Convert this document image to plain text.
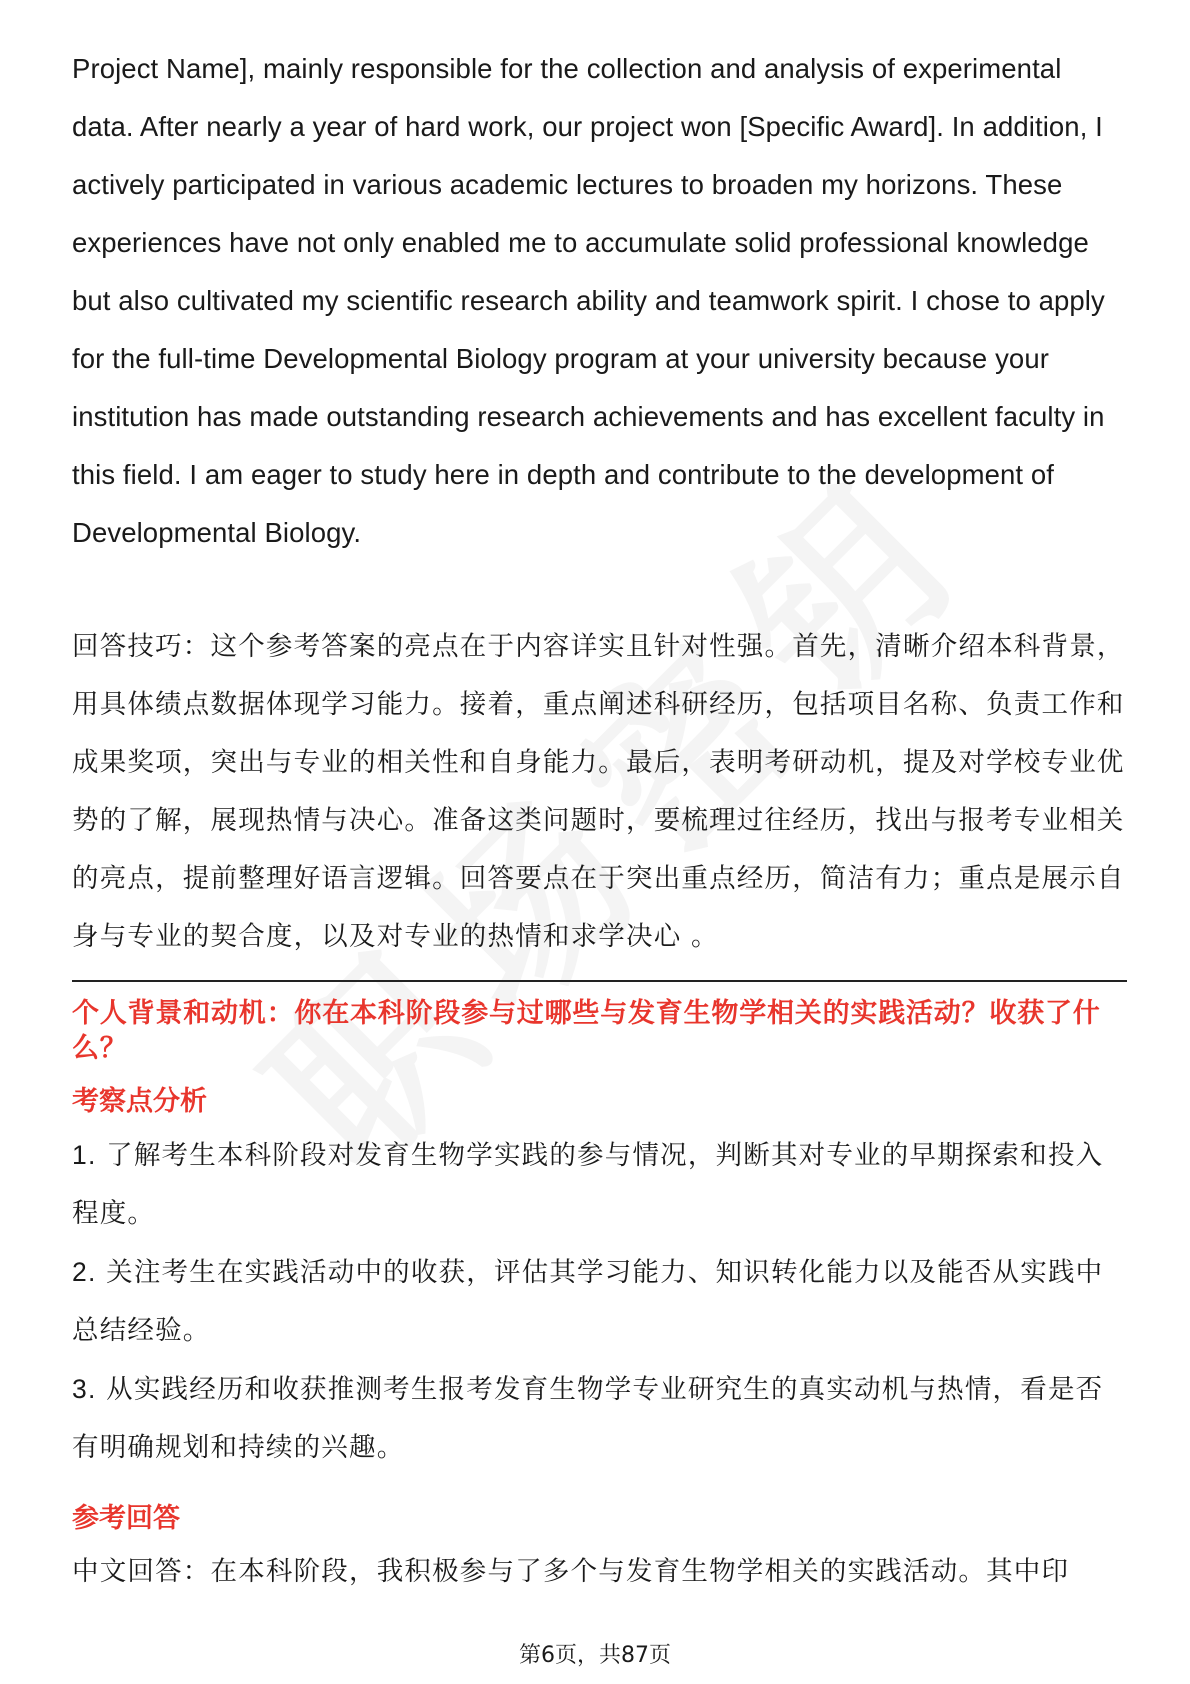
Project Name], mainly responsible for the collection and analysis of experimental data. After nearly a year of hard work, our project won [Specific Award]. In addition, I actively participated in various academic lectures to broaden my horizons. These experiences have not only enabled me to accumulate solid professional knowledge but also cultivated my scientific research ability and teamwork spirit. I chose to apply for the full-time Developmental Biology program at your university because your institution has made outstanding research achievements and has excellent faculty in this field. I am eager to study here in depth and contribute to the development of Developmental Biology.

回答技巧：这个参考答案的亮点在于内容详实且针对性强。首先，清晰介绍本科背景，用具体绩点数据体现学习能力。接着，重点阐述科研经历，包括项目名称、负责工作和成果奖项，突出与专业的相关性和自身能力。最后，表明考研动机，提及对学校专业优势的了解，展现热情与决心。准备这类问题时，要梳理过往经历，找出与报考专业相关的亮点，提前整理好语言逻辑。回答要点在于突出重点经历，简洁有力；重点是展示自身与专业的契合度，以及对专业的热情和求学决心 。

个人背景和动机：你在本科阶段参与过哪些与发育生物学相关的实践活动？收获了什么？

考察点分析

1. 了解考生本科阶段对发育生物学实践的参与情况，判断其对专业的早期探索和投入程度。
2. 关注考生在实践活动中的收获，评估其学习能力、知识转化能力以及能否从实践中总结经验。
3. 从实践经历和收获推测考生报考发育生物学专业研究生的真实动机与热情，看是否有明确规划和持续的兴趣。

参考回答

中文回答：在本科阶段，我积极参与了多个与发育生物学相关的实践活动。其中印

第6页，共87页
